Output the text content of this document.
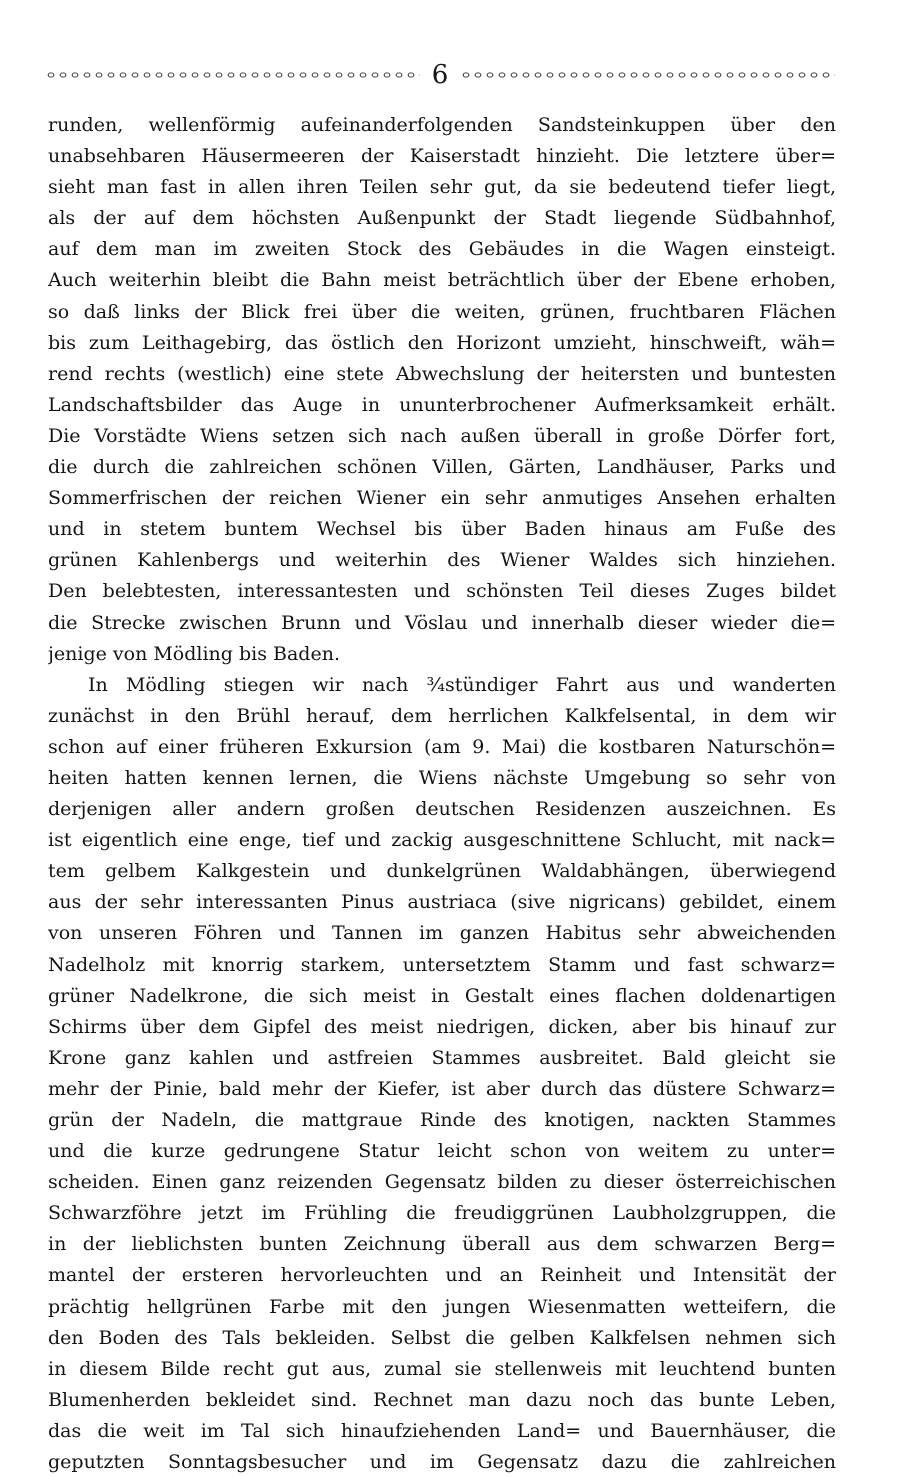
6
runden, wellenförmig aufeinanderfolgenden Sandsteinkuppen über den
unabsehbaren Häusermeeren der Kaiserstadt hinzieht. Die letztere über=
sieht man fast in allen ihren Teilen sehr gut, da sie bedeutend tiefer liegt,
als der auf dem höchsten Außenpunkt der Stadt liegende Südbahnhof,
auf dem man im zweiten Stock des Gebäudes in die Wagen einsteigt.
Auch weiterhin bleibt die Bahn meist beträchtlich über der Ebene erhoben,
so daß links der Blick frei über die weiten, grünen, fruchtbaren Flächen
bis zum Leithagebirg, das östlich den Horizont umzieht, hinschweift, wäh=
rend rechts (westlich) eine stete Abwechslung der heitersten und buntesten
Landschaftsbilder das Auge in ununterbrochener Aufmerksamkeit erhält.
Die Vorstädte Wiens setzen sich nach außen überall in große Dörfer fort,
die durch die zahlreichen schönen Villen, Gärten, Landhäuser, Parks und
Sommerfrischen der reichen Wiener ein sehr anmutiges Ansehen erhalten
und in stetem buntem Wechsel bis über Baden hinaus am Fuße des
grünen Kahlenbergs und weiterhin des Wiener Waldes sich hinziehen.
Den belebtesten, interessantesten und schönsten Teil dieses Zuges bildet
die Strecke zwischen Brunn und Vöslau und innerhalb dieser wieder die=
jenige von Mödling bis Baden.
In Mödling stiegen wir nach ¾stündiger Fahrt aus und wanderten
zunächst in den Brühl herauf, dem herrlichen Kalkfelsental, in dem wir
schon auf einer früheren Exkursion (am 9. Mai) die kostbaren Naturschön=
heiten hatten kennen lernen, die Wiens nächste Umgebung so sehr von
derjenigen aller andern großen deutschen Residenzen auszeichnen. Es
ist eigentlich eine enge, tief und zackig ausgeschnittene Schlucht, mit nack=
tem gelbem Kalkgestein und dunkelgrünen Waldabhängen, überwiegend
aus der sehr interessanten Pinus austriaca (sive nigricans) gebildet, einem
von unseren Föhren und Tannen im ganzen Habitus sehr abweichenden
Nadelholz mit knorrig starkem, untersetztem Stamm und fast schwarz=
grüner Nadelkrone, die sich meist in Gestalt eines flachen doldenartigen
Schirms über dem Gipfel des meist niedrigen, dicken, aber bis hinauf zur
Krone ganz kahlen und astfreien Stammes ausbreitet. Bald gleicht sie
mehr der Pinie, bald mehr der Kiefer, ist aber durch das düstere Schwarz=
grün der Nadeln, die mattgraue Rinde des knotigen, nackten Stammes
und die kurze gedrungene Statur leicht schon von weitem zu unter=
scheiden. Einen ganz reizenden Gegensatz bilden zu dieser österreichischen
Schwarzföhre jetzt im Frühling die freudiggrünen Laubholzgruppen, die
in der lieblichsten bunten Zeichnung überall aus dem schwarzen Berg=
mantel der ersteren hervorleuchten und an Reinheit und Intensität der
prächtig hellgrünen Farbe mit den jungen Wiesenmatten wetteifern, die
den Boden des Tals bekleiden. Selbst die gelben Kalkfelsen nehmen sich
in diesem Bilde recht gut aus, zumal sie stellenweis mit leuchtend bunten
Blumenherden bekleidet sind. Rechnet man dazu noch das bunte Leben,
das die weit im Tal sich hinaufziehenden Land= und Bauernhäuser, die
geputzten Sonntagsbesucher und im Gegensatz dazu die zahlreichen
